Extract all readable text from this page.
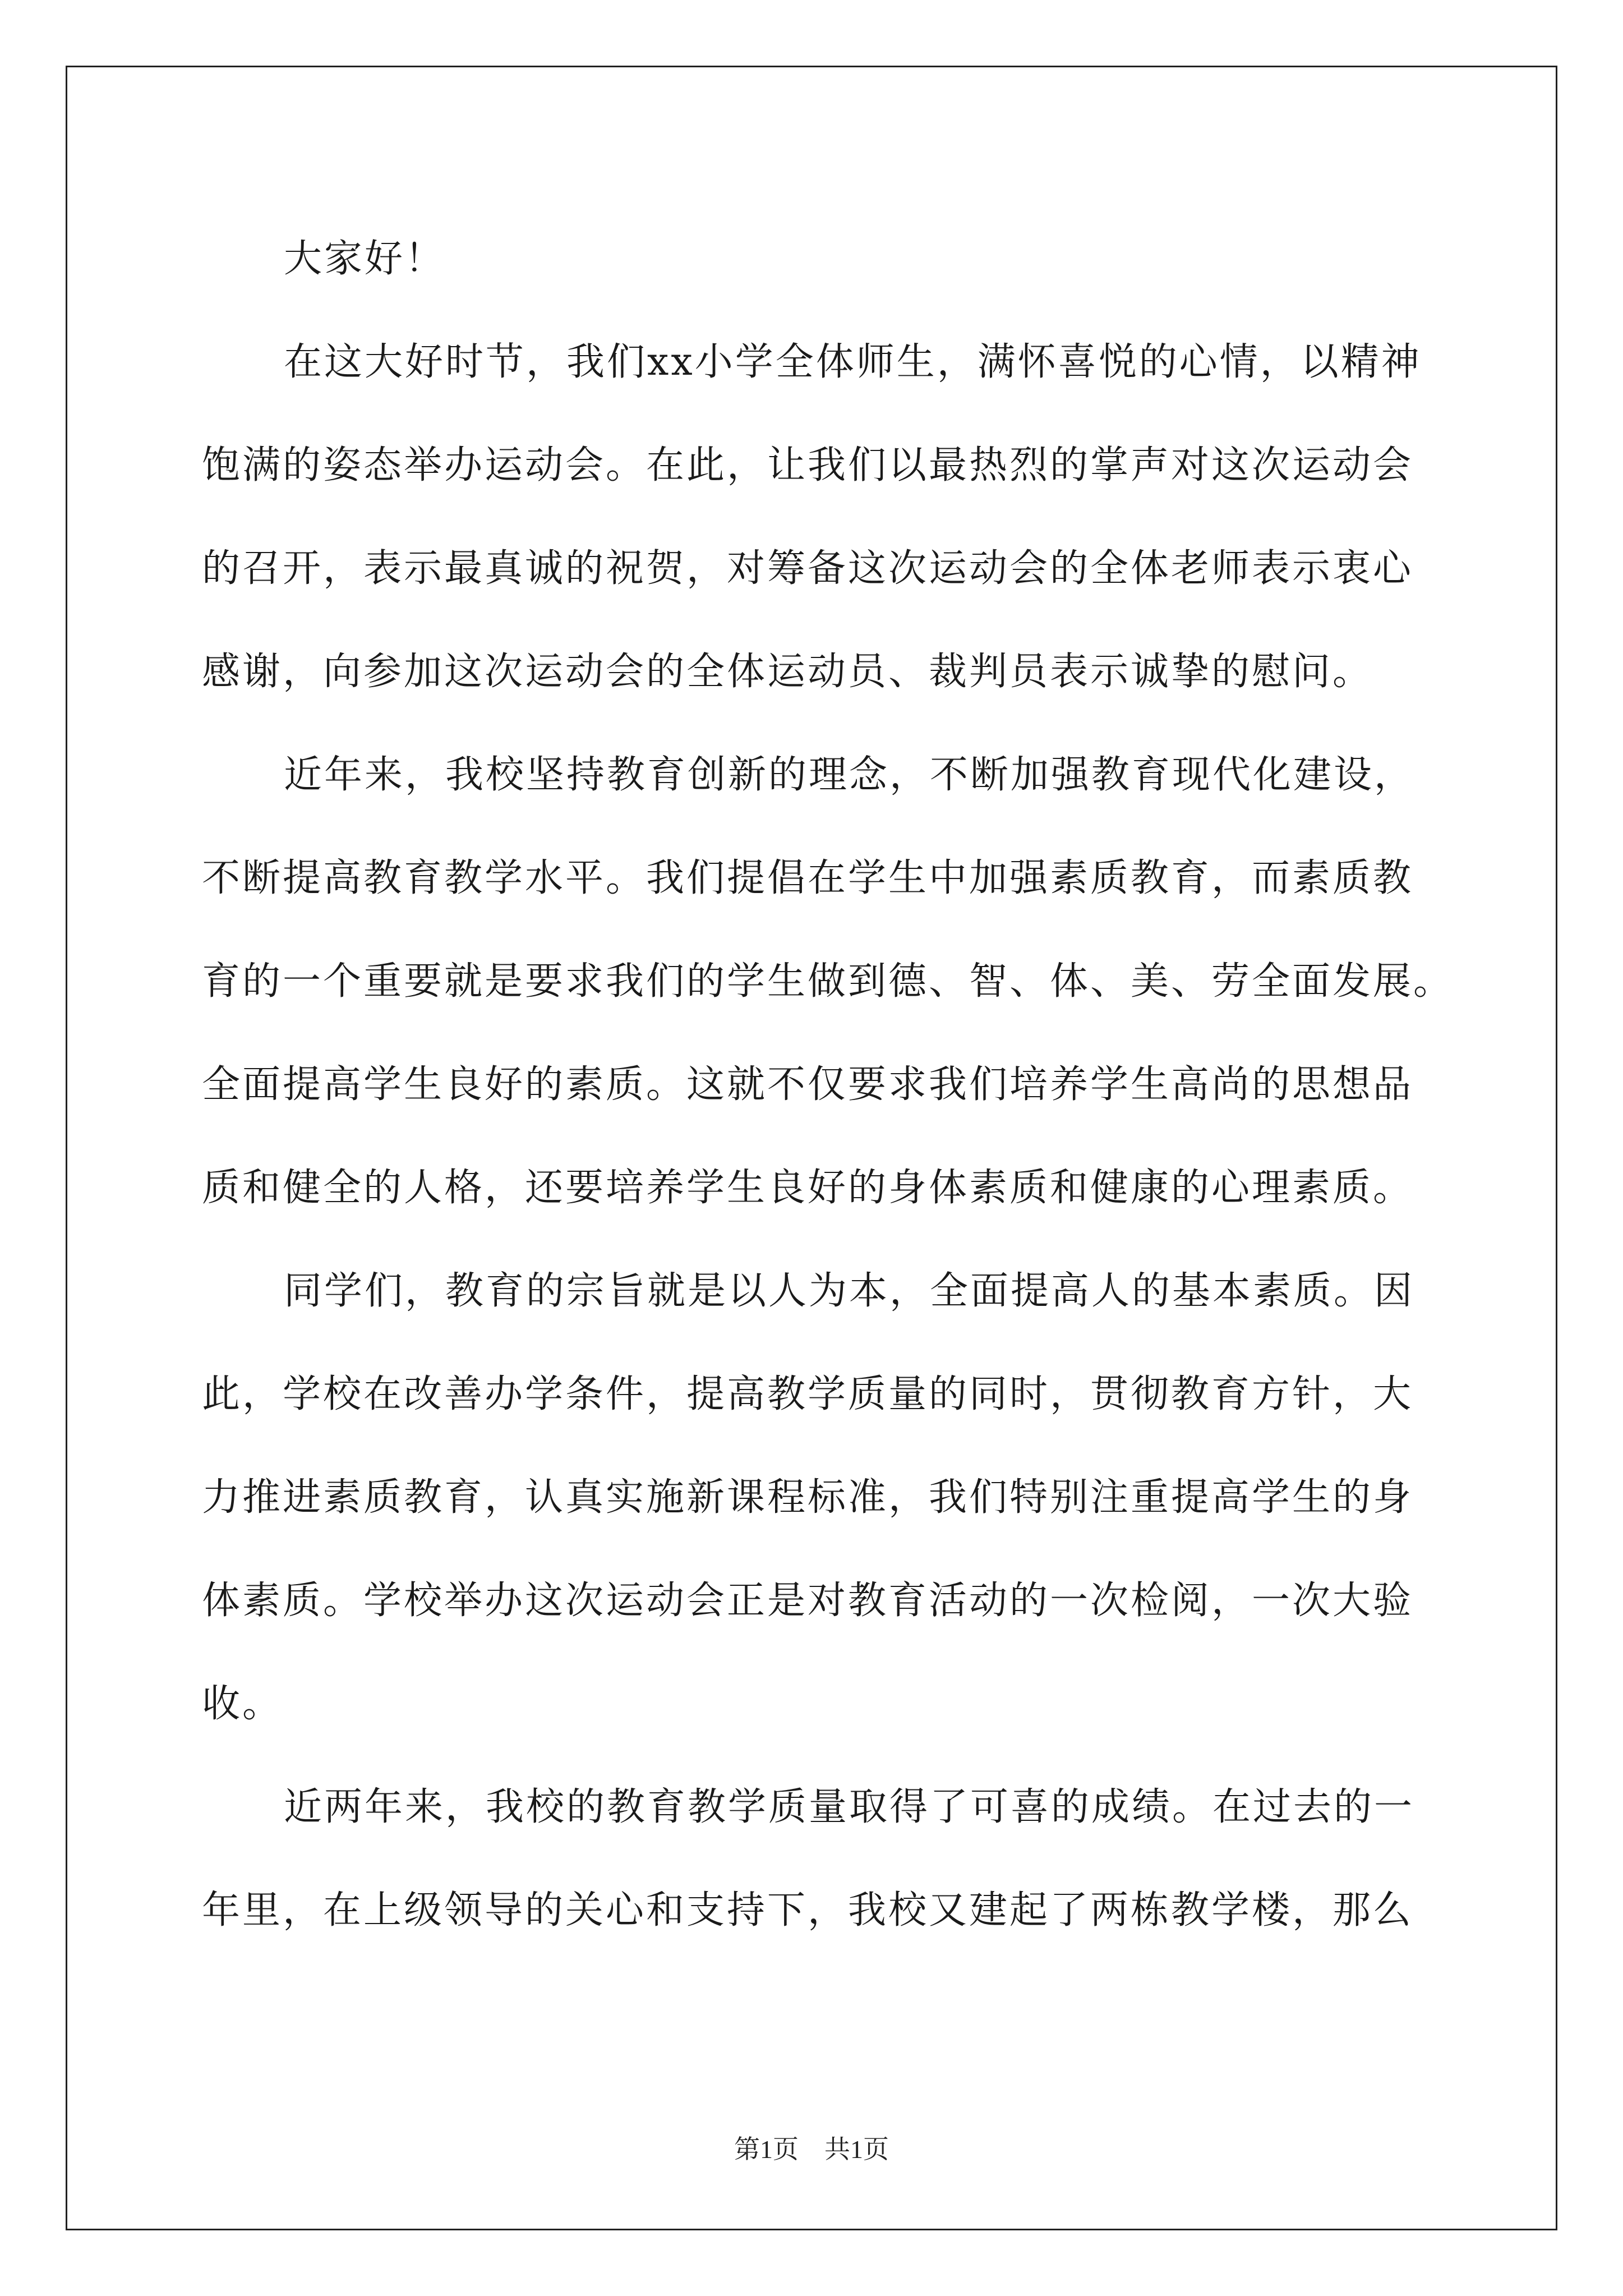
大家好！

在这大好时节，我们xx小学全体师生，满怀喜悦的心情，以精神
饱满的姿态举办运动会。在此，让我们以最热烈的掌声对这次运动会
的召开，表示最真诚的祝贺，对筹备这次运动会的全体老师表示衷心
感谢，向参加这次运动会的全体运动员、裁判员表示诚挚的慰问。

近年来，我校坚持教育创新的理念，不断加强教育现代化建设，
不断提高教育教学水平。我们提倡在学生中加强素质教育，而素质教
育的一个重要就是要求我们的学生做到德、智、体、美、劳全面发展。
全面提高学生良好的素质。这就不仅要求我们培养学生高尚的思想品
质和健全的人格，还要培养学生良好的身体素质和健康的心理素质。

同学们，教育的宗旨就是以人为本，全面提高人的基本素质。因
此，学校在改善办学条件，提高教学质量的同时，贯彻教育方针，大
力推进素质教育，认真实施新课程标准，我们特别注重提高学生的身
体素质。学校举办这次运动会正是对教育活动的一次检阅，一次大验
收。

近两年来，我校的教育教学质量取得了可喜的成绩。在过去的一
年里，在上级领导的关心和支持下，我校又建起了两栋教学楼，那么

第1页 共1页
